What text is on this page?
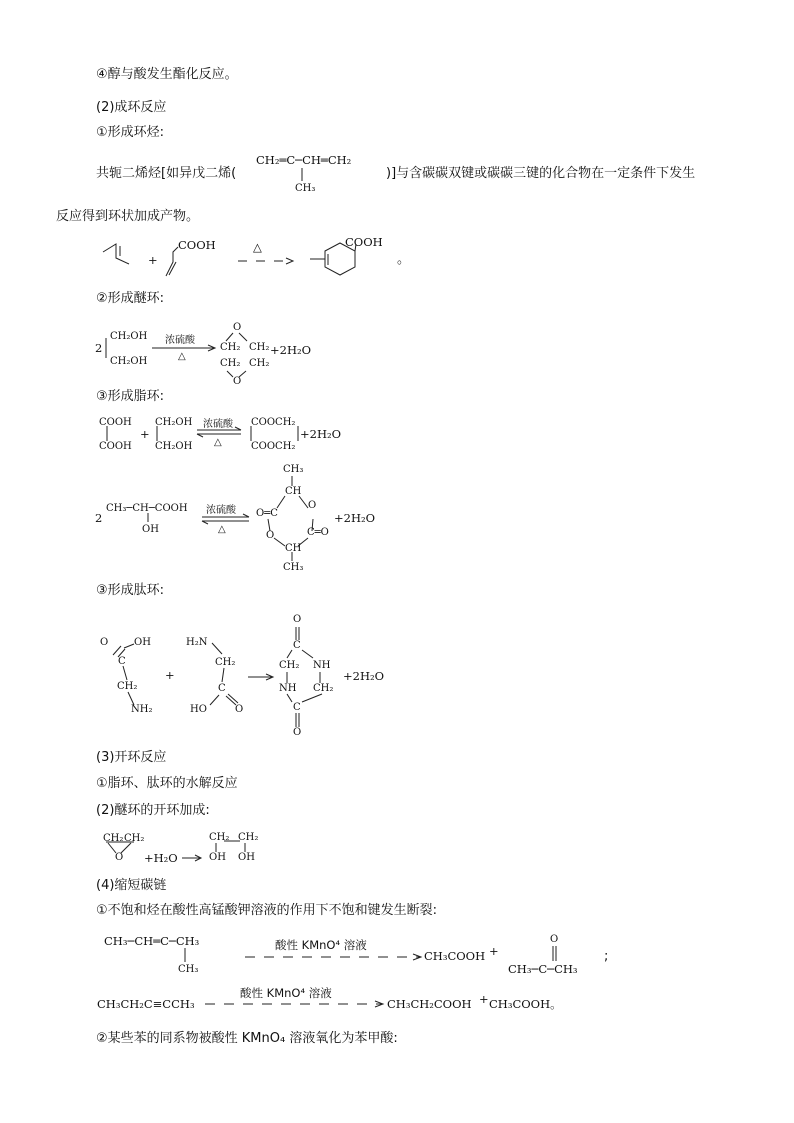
④醇与酸发生酯化反应。
(2)成环反应
①形成环烃:
共轭二烯烃[如异戊二烯(
CH₂═C─CH═CH₂
CH₃
)]与含碳碳双键或碳碳三键的化合物在一定条件下发生
反应得到环状加成产物。
COOH
+
△	COOH
。
②形成醚环:
2
CH₂OH
CH₂OH
浓硫酸
△
O
CH₂ CH₂
CH₂ CH₂
O
+2H₂O
③形成脂环:
COOH
COOH
+
CH₂OH
CH₂OH
浓硫酸
△
COOCH₂
COOCH₂
+2H₂O
2
CH₃─CH─COOH
OH
浓硫酸
△
CH₃
CH
O═C
O
O	C═O
CH
CH₃
+2H₂O
③形成肽环:
O	OH
C
CH₂
NH₂
+
H₂N
CH₂
C
HO	O
O
C
CH₂ NH
NH CH₂
C
O
+2H₂O
(3)开环反应
①脂环、肽环的水解反应
(2)醚环的开环加成:
CH₂ CH₂
O +H₂O
CH₂ CH₂
OH OH
(4)缩短碳链
①不饱和烃在酸性高锰酸钾溶液的作用下不饱和键发生断裂:
CH₃─CH═C─CH₃
CH₃
酸性 KMnO⁴ 溶液
CH₃COOH +
O
CH₃─C─CH₃
;
CH₃CH₂C≡CCH₃
酸性 KMnO⁴ 溶液
CH₃CH₂COOH + CH₃COOH。
②某些苯的同系物被酸性 KMnO₄ 溶液氧化为苯甲酸:
